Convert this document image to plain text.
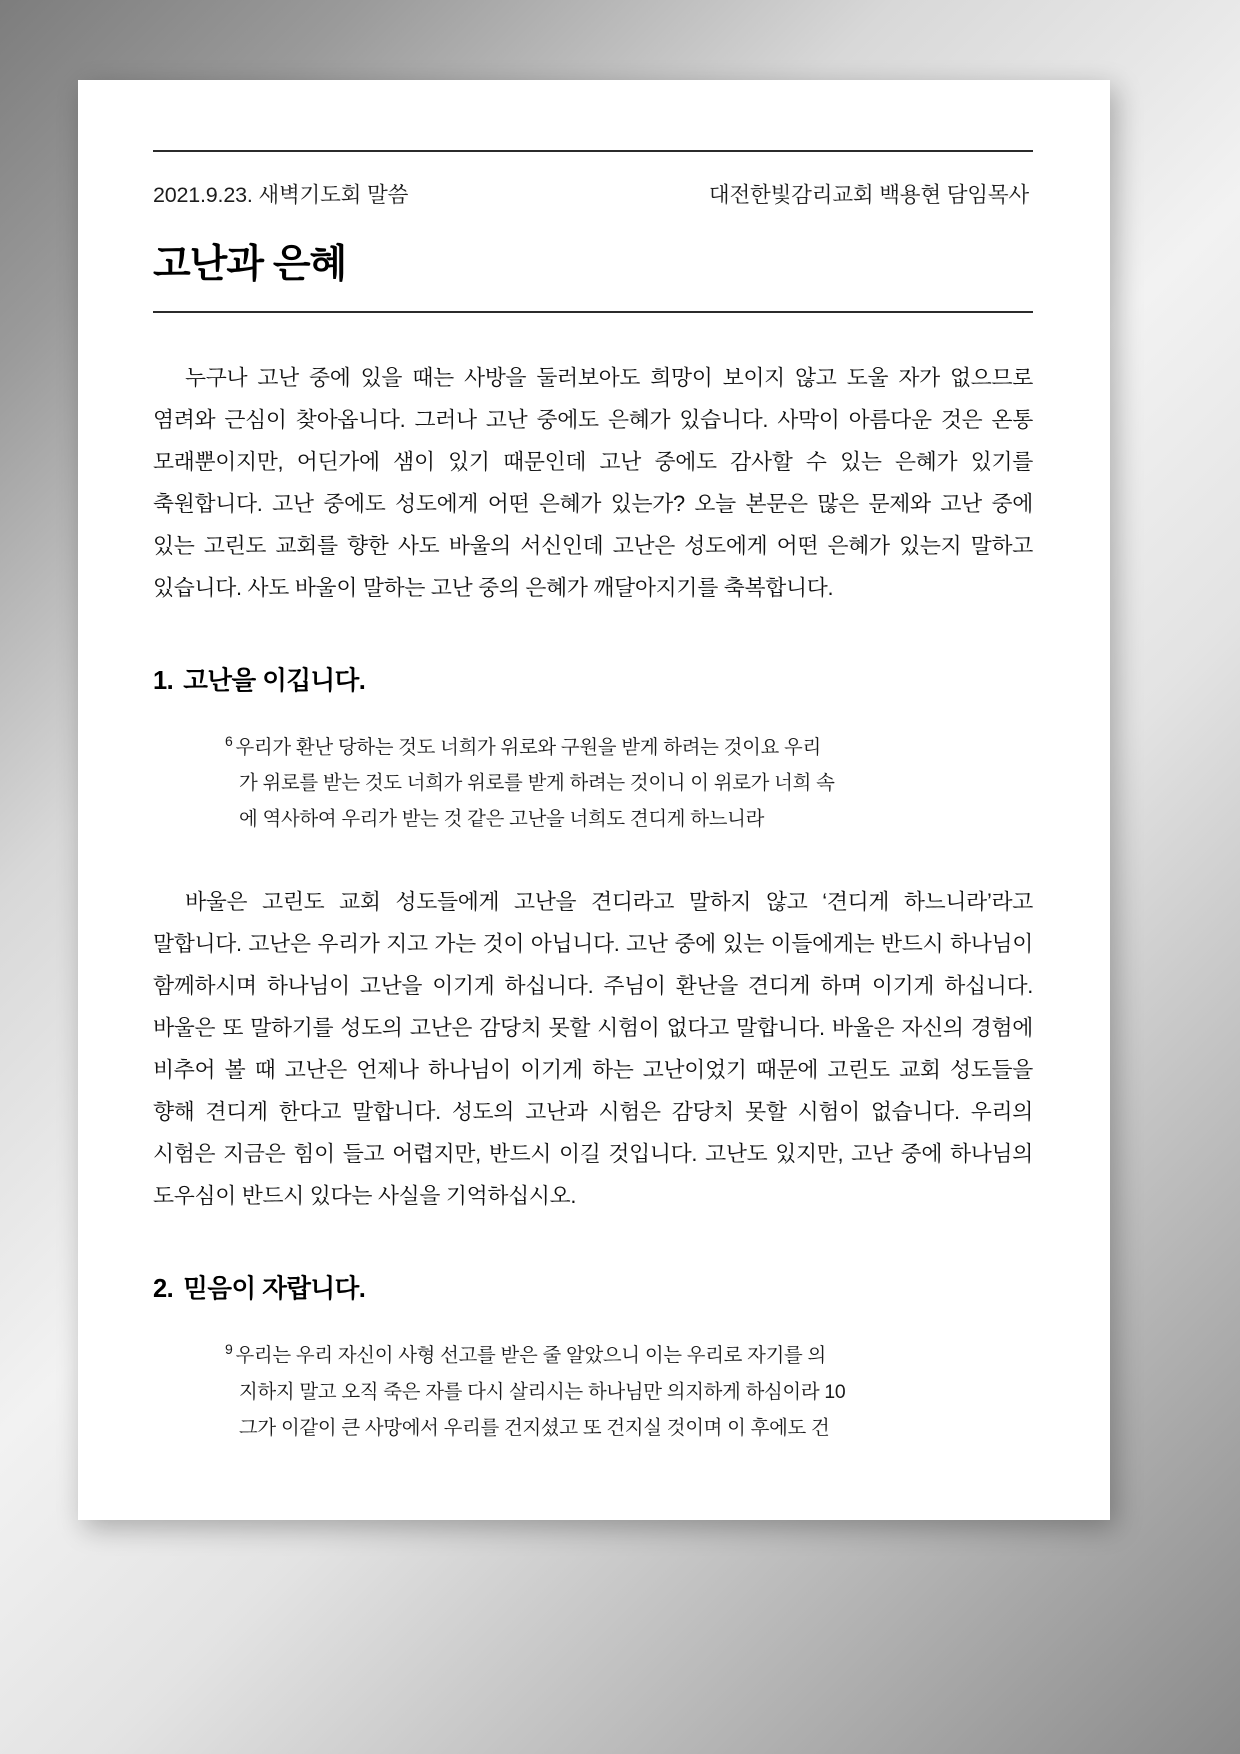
2021.9.23. 새벽기도회 말씀	대전한빛감리교회 백용현 담임목사
고난과 은혜
누구나 고난 중에 있을 때는 사방을 둘러보아도 희망이 보이지 않고 도울 자가 없으므로 염려와 근심이 찾아옵니다. 그러나 고난 중에도 은혜가 있습니다. 사막이 아름다운 것은 온통 모래뿐이지만, 어딘가에 샘이 있기 때문인데 고난 중에도 감사할 수 있는 은혜가 있기를 축원합니다. 고난 중에도 성도에게 어떤 은혜가 있는가? 오늘 본문은 많은 문제와 고난 중에 있는 고린도 교회를 향한 사도 바울의 서신인데 고난은 성도에게 어떤 은혜가 있는지 말하고 있습니다. 사도 바울이 말하는 고난 중의 은혜가 깨달아지기를 축복합니다.
1. 고난을 이깁니다.
$^6$ 우리가 환난 당하는 것도 너희가 위로와 구원을 받게 하려는 것이요 우리
가 위로를 받는 것도 너희가 위로를 받게 하려는 것이니 이 위로가 너희 속
에 역사하여 우리가 받는 것 같은 고난을 너희도 견디게 하느니라
바울은 고린도 교회 성도들에게 고난을 견디라고 말하지 않고 ‘견디게 하느니라’라고 말합니다. 고난은 우리가 지고 가는 것이 아닙니다. 고난 중에 있는 이들에게는 반드시 하나님이 함께하시며 하나님이 고난을 이기게 하십니다. 주님이 환난을 견디게 하며 이기게 하십니다. 바울은 또 말하기를 성도의 고난은 감당치 못할 시험이 없다고 말합니다. 바울은 자신의 경험에 비추어 볼 때 고난은 언제나 하나님이 이기게 하는 고난이었기 때문에 고린도 교회 성도들을 향해 견디게 한다고 말합니다. 성도의 고난과 시험은 감당치 못할 시험이 없습니다. 우리의 시험은 지금은 힘이 들고 어렵지만, 반드시 이길 것입니다. 고난도 있지만, 고난 중에 하나님의 도우심이 반드시 있다는 사실을 기억하십시오.
2. 믿음이 자랍니다.
$^9$ 우리는 우리 자신이 사형 선고를 받은 줄 알았으니 이는 우리로 자기를 의
지하지 말고 오직 죽은 자를 다시 살리시는 하나님만 의지하게 하심이라 10
그가 이같이 큰 사망에서 우리를 건지셨고 또 건지실 것이며 이 후에도 건
